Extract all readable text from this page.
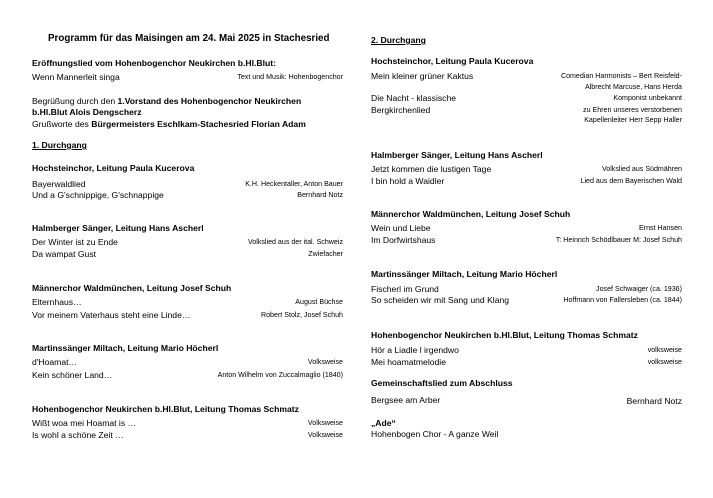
Programm für das Maisingen am 24. Mai 2025 in Stachesried
Eröffnungslied vom Hohenbogenchor Neukirchen b.Hl.Blut:
Wenn Mannerleit singa	Text und Musik: Hohenbogenchor
Begrüßung durch den 1.Vorstand des Hohenbogenchor Neukirchen
b.Hl.Blut Alois Dengscherz
Grußworte des Bürgermeisters Eschlkam-Stachesried Florian Adam
1. Durchgang
Hochsteinchor, Leitung Paula Kucerova
Bayerwaldlied	K.H. Heckentaller, Anton Bauer
Und a G'schnippige, G'schnappige	Bernhard Notz
Halmberger Sänger, Leitung Hans Ascherl
Der Winter ist zu Ende	Volkslied aus der ital. Schweiz
Da wampat Gust	Zwiefacher
Männerchor Waldmünchen, Leitung Josef Schuh
Elternhaus…	August Büchse
Vor meinem Vaterhaus steht eine Linde…	Robert Stolz, Josef Schuh
Martinssänger Miltach, Leitung Mario Höcherl
d'Hoamat…	Volksweise
Kein schöner Land…	Anton Wilhelm von Zuccalmaglio (1840)
Hohenbogenchor Neukirchen b.Hl.Blut, Leitung Thomas Schmatz
Wißt woa mei Hoamat is …	Volksweise
Is wohl a schöne Zeit …	Volksweise
2. Durchgang
Hochsteinchor, Leitung Paula Kucerova
Mein kleiner grüner Kaktus	Comedian Harmonists – Bert Reisfeld-
Albrecht Marcuse, Hans Herda
Die Nacht - klassische	Komponist unbekannt
Bergkirchenlied	zu Ehren unseres verstorbenen
Kapellenleiter Herr Sepp Haller
Halmberger Sänger, Leitung Hans Ascherl
Jetzt kommen die lustigen Tage	Volkslied aus Südmähren
I bin hold a Waidler	Lied aus dem Bayerischen Wald
Männerchor Waldmünchen, Leitung Josef Schuh
Wein und Liebe	Ernst Hansen
Im Dorfwirtshaus	T: Heinrich Schödlbauer M: Josef Schuh
Martinssänger Miltach, Leitung Mario Höcherl
Fischerl im Grund	Josef Schwaiger (ca. 1936)
So scheiden wir mit Sang und Klang	Hoffmann von Fallersleben (ca. 1844)
Hohenbogenchor Neukirchen b.Hl.Blut, Leitung Thomas Schmatz
Hör a Liadle l irgendwo	volksweise
Mei hoamatmelodie	volksweise
Gemeinschaftslied zum Abschluss
Bergsee am Arber	Bernhard Notz
„Ade“
Hohenbogen Chor - A ganze Weil
